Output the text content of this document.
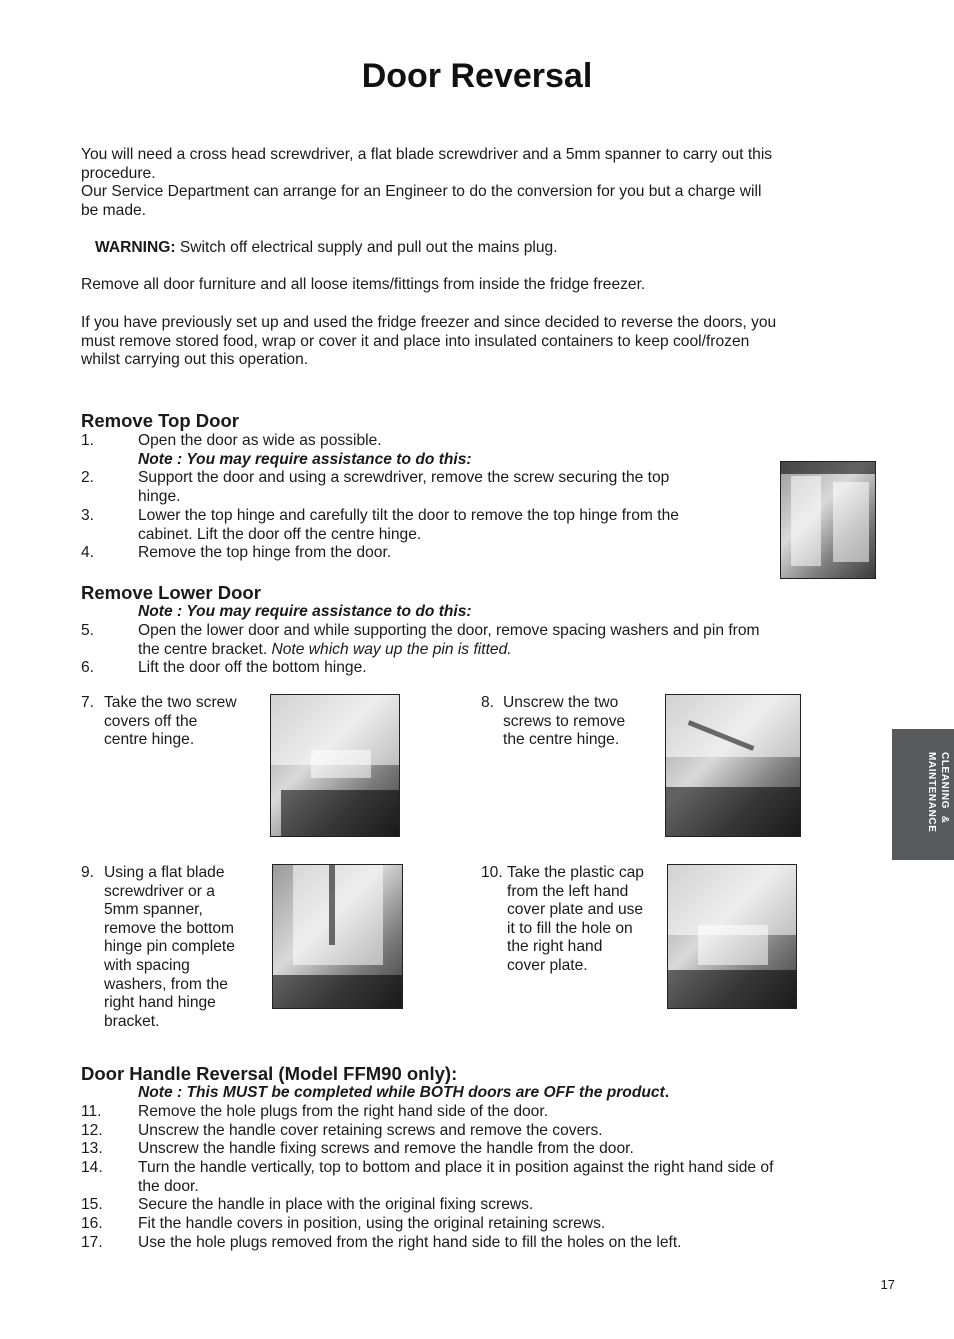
Door Reversal

You will need a cross head screwdriver, a flat blade screwdriver and a 5mm spanner to carry out this
procedure.
Our Service Department can arrange for an Engineer to do the conversion for you but a charge will
be made.

WARNING: Switch off electrical supply and pull out the mains plug.

Remove all door furniture and all loose items/fittings from inside the fridge freezer.

If you have previously set up and used the fridge freezer and since decided to reverse the doors, you
must remove stored food, wrap or cover it and place into insulated containers to keep cool/frozen
whilst carrying out this operation.

Remove Top Door
1.	Open the door as wide as possible.
Note : You may require assistance to do this:
2.	Support the door and using a screwdriver, remove the screw securing the top
hinge.
3.	Lower the top hinge and carefully tilt the door to remove the top hinge from the
cabinet. Lift the door off the centre hinge.
4.	Remove the top hinge from the door.
Remove Lower Door
Note : You may require assistance to do this:
5.	Open the lower door and while supporting the door, remove spacing washers and pin from
the centre bracket. Note which way up the pin is fitted.
6.	Lift the door off the bottom hinge.
7. Take the two screw
covers off the
centre hinge.
8. Unscrew the two
screws to remove
the centre hinge.
9. Using a flat blade
screwdriver or a
5mm spanner,
remove the bottom
hinge pin complete
with spacing
washers, from the
right hand hinge
bracket.
10. Take the plastic cap
from the left hand
cover plate and use
it to fill the hole on
the right hand
cover plate.
Door Handle Reversal (Model FFM90 only):
Note : This MUST be completed while BOTH doors are OFF the product.
11. Remove the hole plugs from the right hand side of the door.
12. Unscrew the handle cover retaining screws and remove the covers.
13. Unscrew the handle fixing screws and remove the handle from the door.
14. Turn the handle vertically, top to bottom and place it in position against the right hand side of
the door.
15. Secure the handle in place with the original fixing screws.
16. Fit the handle covers in position, using the original retaining screws.
17. Use the hole plugs removed from the right hand side to fill the holes on the left.
CLEANING  &
MAINTENANCE
17
